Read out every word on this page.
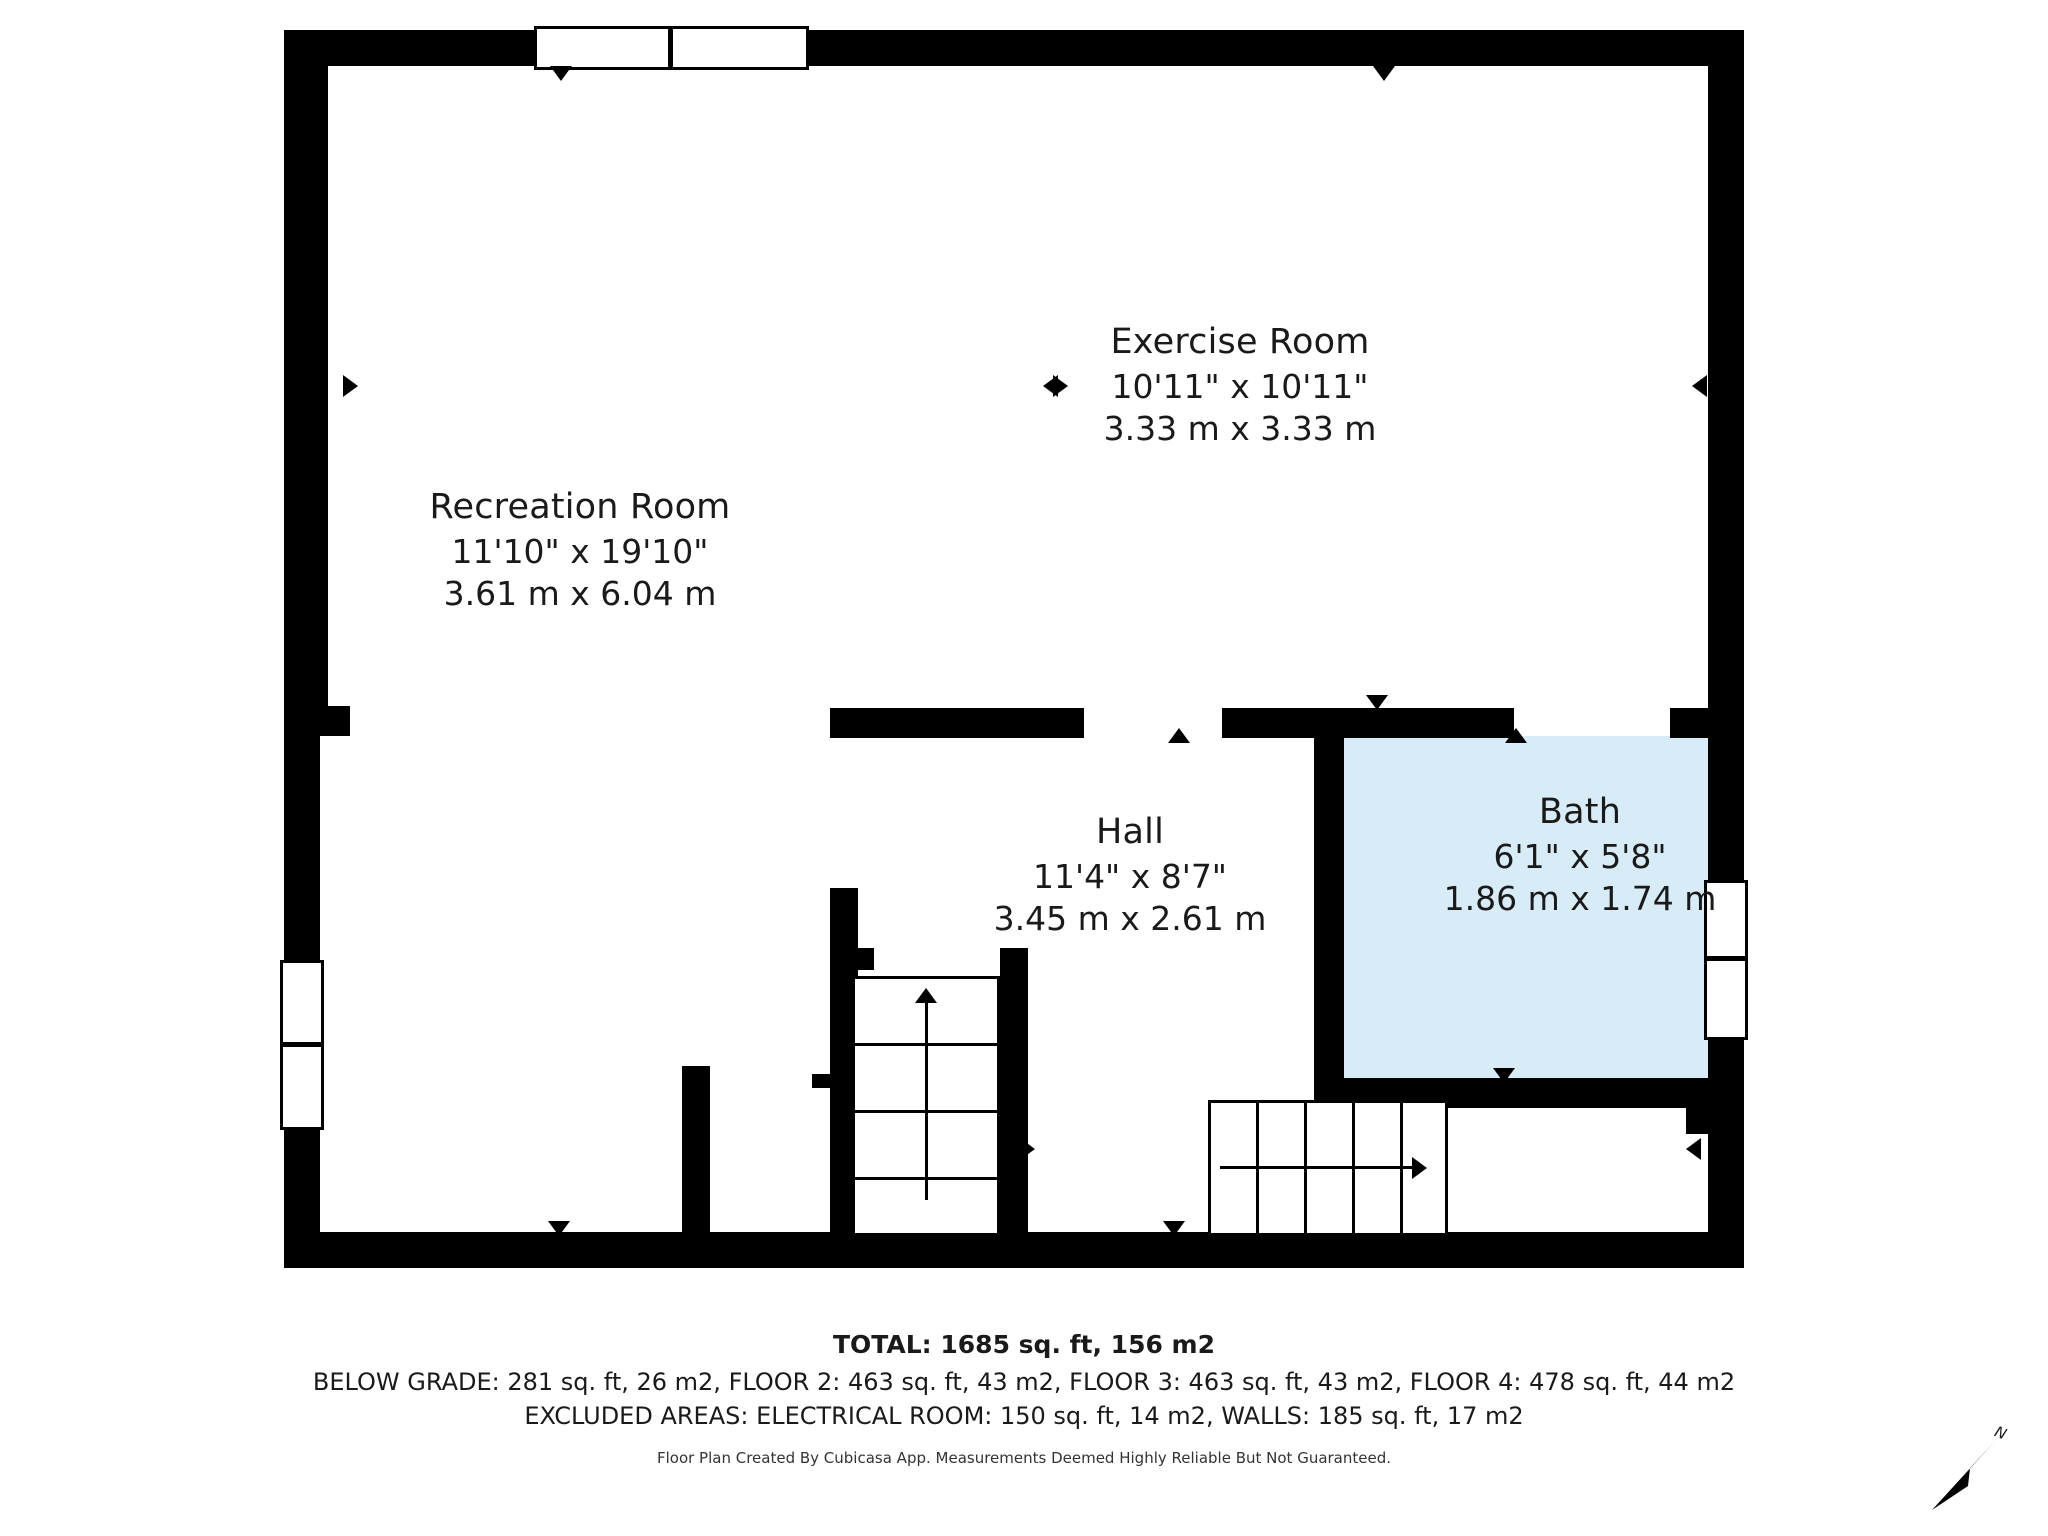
Recreation Room
11'10" x 19'10"
3.61 m x 6.04 m
Exercise Room
10'11" x 10'11"
3.33 m x 3.33 m
Hall
11'4" x 8'7"
3.45 m x 2.61 m
Bath
6'1" x 5'8"
1.86 m x 1.74 m
TOTAL: 1685 sq. ft, 156 m2
BELOW GRADE: 281 sq. ft, 26 m2, FLOOR 2: 463 sq. ft, 43 m2, FLOOR 3: 463 sq. ft, 43 m2, FLOOR 4: 478 sq. ft, 44 m2
EXCLUDED AREAS: ELECTRICAL ROOM: 150 sq. ft, 14 m2, WALLS: 185 sq. ft, 17 m2
Floor Plan Created By Cubicasa App. Measurements Deemed Highly Reliable But Not Guaranteed.
N
